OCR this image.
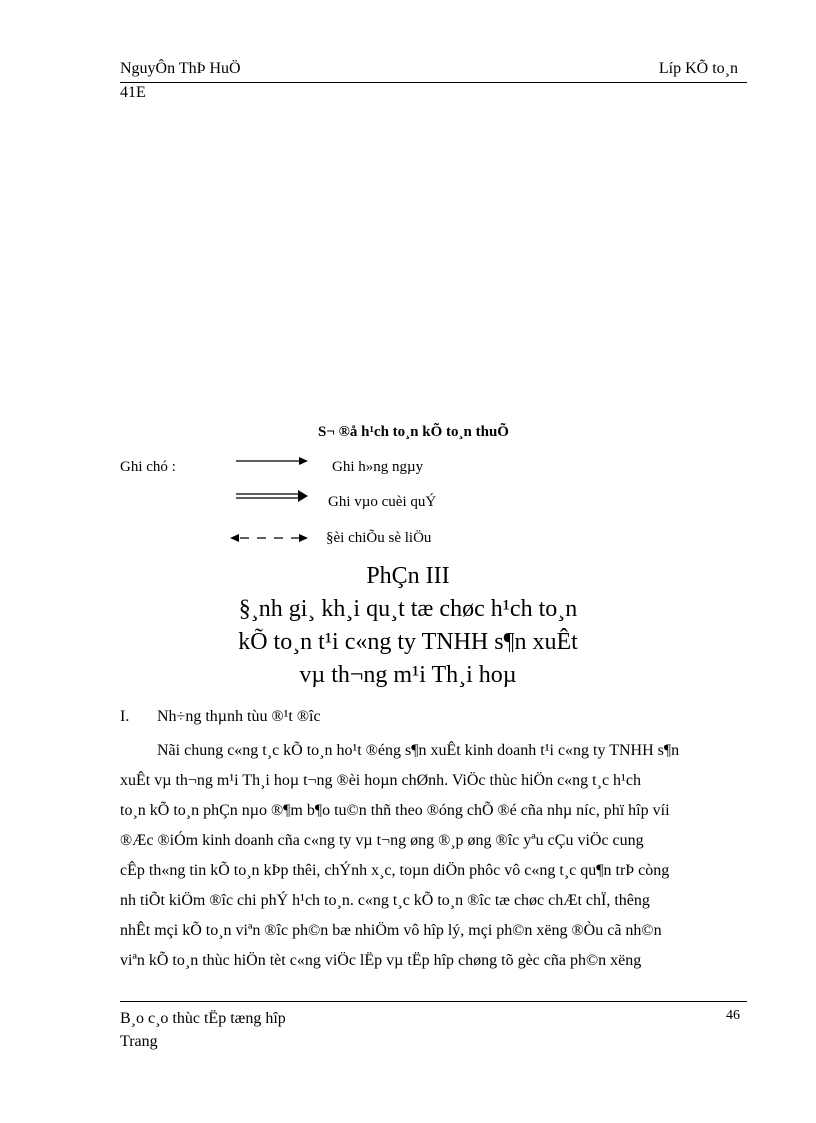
NguyÔn ThÞ HuÖ	Líp KÕ to¸n
41E
S¬ ®å h¹ch to¸n kÕ to¸n thuÕ
Ghi chó :	Ghi h»ng ngµy
Ghi vµo cuèi quÝ
§èi chiÕu sè liÖu
PhÇn III
§¸nh gi¸ kh¸i qu¸t tæ chøc h¹ch to¸n
kÕ to¸n t¹i c«ng ty TNHH s¶n xuÊt
vµ th¬ng m¹i Th¸i hoµ
I. Nh÷ng thµnh tùu ®¹t ®îc
Nãi chung c«ng t¸c kÕ to¸n ho¹t ®éng s¶n xuÊt kinh doanh t¹i c«ng ty TNHH s¶n
xuÊt vµ th¬ng m¹i Th¸i hoµ t¬ng ®èi hoµn chØnh. ViÖc thùc hiÖn c«ng t¸c h¹ch
to¸n kÕ to¸n phÇn nµo ®¶m b¶o tu©n thñ theo ®óng chÕ ®é cña nhµ níc, phï hîp víi
®Æc ®iÓm kinh doanh cña c«ng ty vµ t¬ng øng ®¸p øng ®îc yªu cÇu viÖc cung
cÊp th«ng tin kÕ to¸n kÞp thêi, chÝnh x¸c, toµn diÖn phôc vô c«ng t¸c qu¶n trÞ còng
nh tiÕt kiÖm ®îc chi phÝ h¹ch to¸n. c«ng t¸c kÕ to¸n ®îc tæ chøc chÆt chÏ, thêng
nhÊt mçi kÕ to¸n viªn ®îc ph©n bæ nhiÖm vô hîp lý, mçi ph©n xëng ®Òu cã nh©n
viªn kÕ to¸n thùc hiÖn tèt c«ng viÖc lËp vµ tËp hîp chøng tõ gèc cña ph©n xëng
B¸o c¸o thùc tËp tæng hîp	46
Trang
